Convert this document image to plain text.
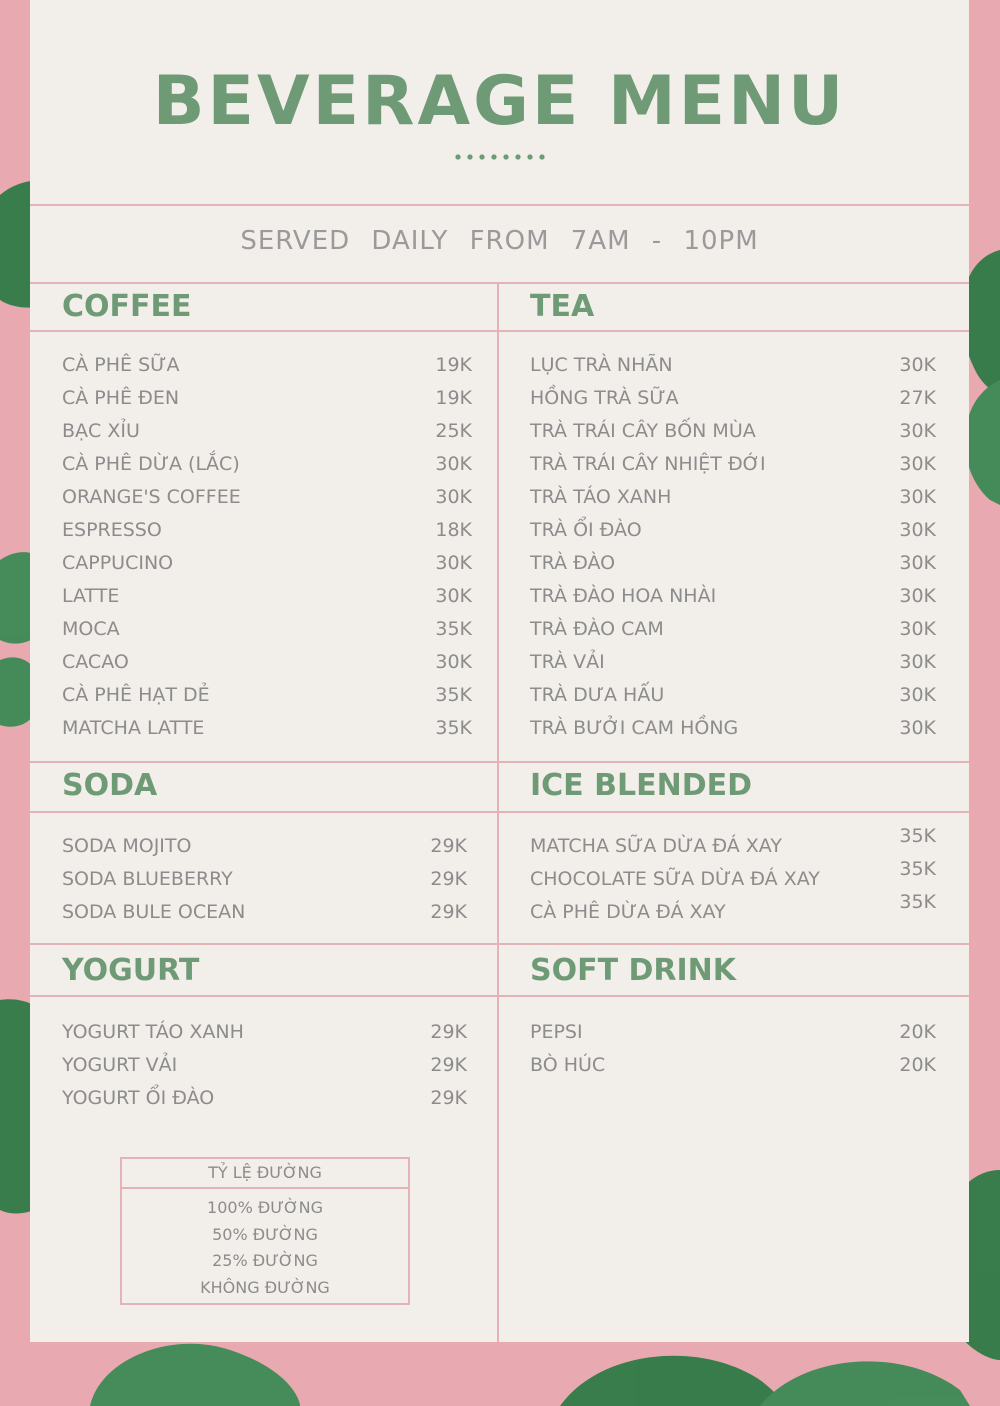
BEVERAGE MENU
SERVED DAILY FROM 7AM - 10PM
COFFEE	TEA
SODA	ICE BLENDED
YOGURT	SOFT DRINK
CÀ PHÊ SỮA	19K
CÀ PHÊ ĐEN	19K
BẠC XỈU	25K
CÀ PHÊ DỪA (LẮC)	30K
ORANGE'S COFFEE	30K
ESPRESSO	18K
CAPPUCINO	30K
LATTE	30K
MOCA	35K
CACAO	30K
CÀ PHÊ HẠT DẺ	35K
MATCHA LATTE	35K
LỤC TRÀ NHÃN	30K
HỒNG TRÀ SỮA	27K
TRÀ TRÁI CÂY BỐN MÙA	30K
TRÀ TRÁI CÂY NHIỆT ĐỚI	30K
TRÀ TÁO XANH	30K
TRÀ ỔI ĐÀO	30K
TRÀ ĐÀO	30K
TRÀ ĐÀO HOA NHÀI	30K
TRÀ ĐÀO CAM	30K
TRÀ VẢI	30K
TRÀ DƯA HẤU	30K
TRÀ BƯỞI CAM HỒNG	30K
SODA MOJITO	29K
SODA BLUEBERRY	29K
SODA BULE OCEAN	29K
MATCHA SỮA DỪA ĐÁ XAY	35K
CHOCOLATE SỮA DỪA ĐÁ XAY	35K
CÀ PHÊ DỪA ĐÁ XAY	35K
YOGURT TÁO XANH	29K
YOGURT VẢI	29K
YOGURT ỔI ĐÀO	29K
PEPSI	20K
BÒ HÚC	20K
TỶ LỆ ĐƯỜNG
100% ĐƯỜNG
50% ĐƯỜNG
25% ĐƯỜNG
KHÔNG ĐƯỜNG
